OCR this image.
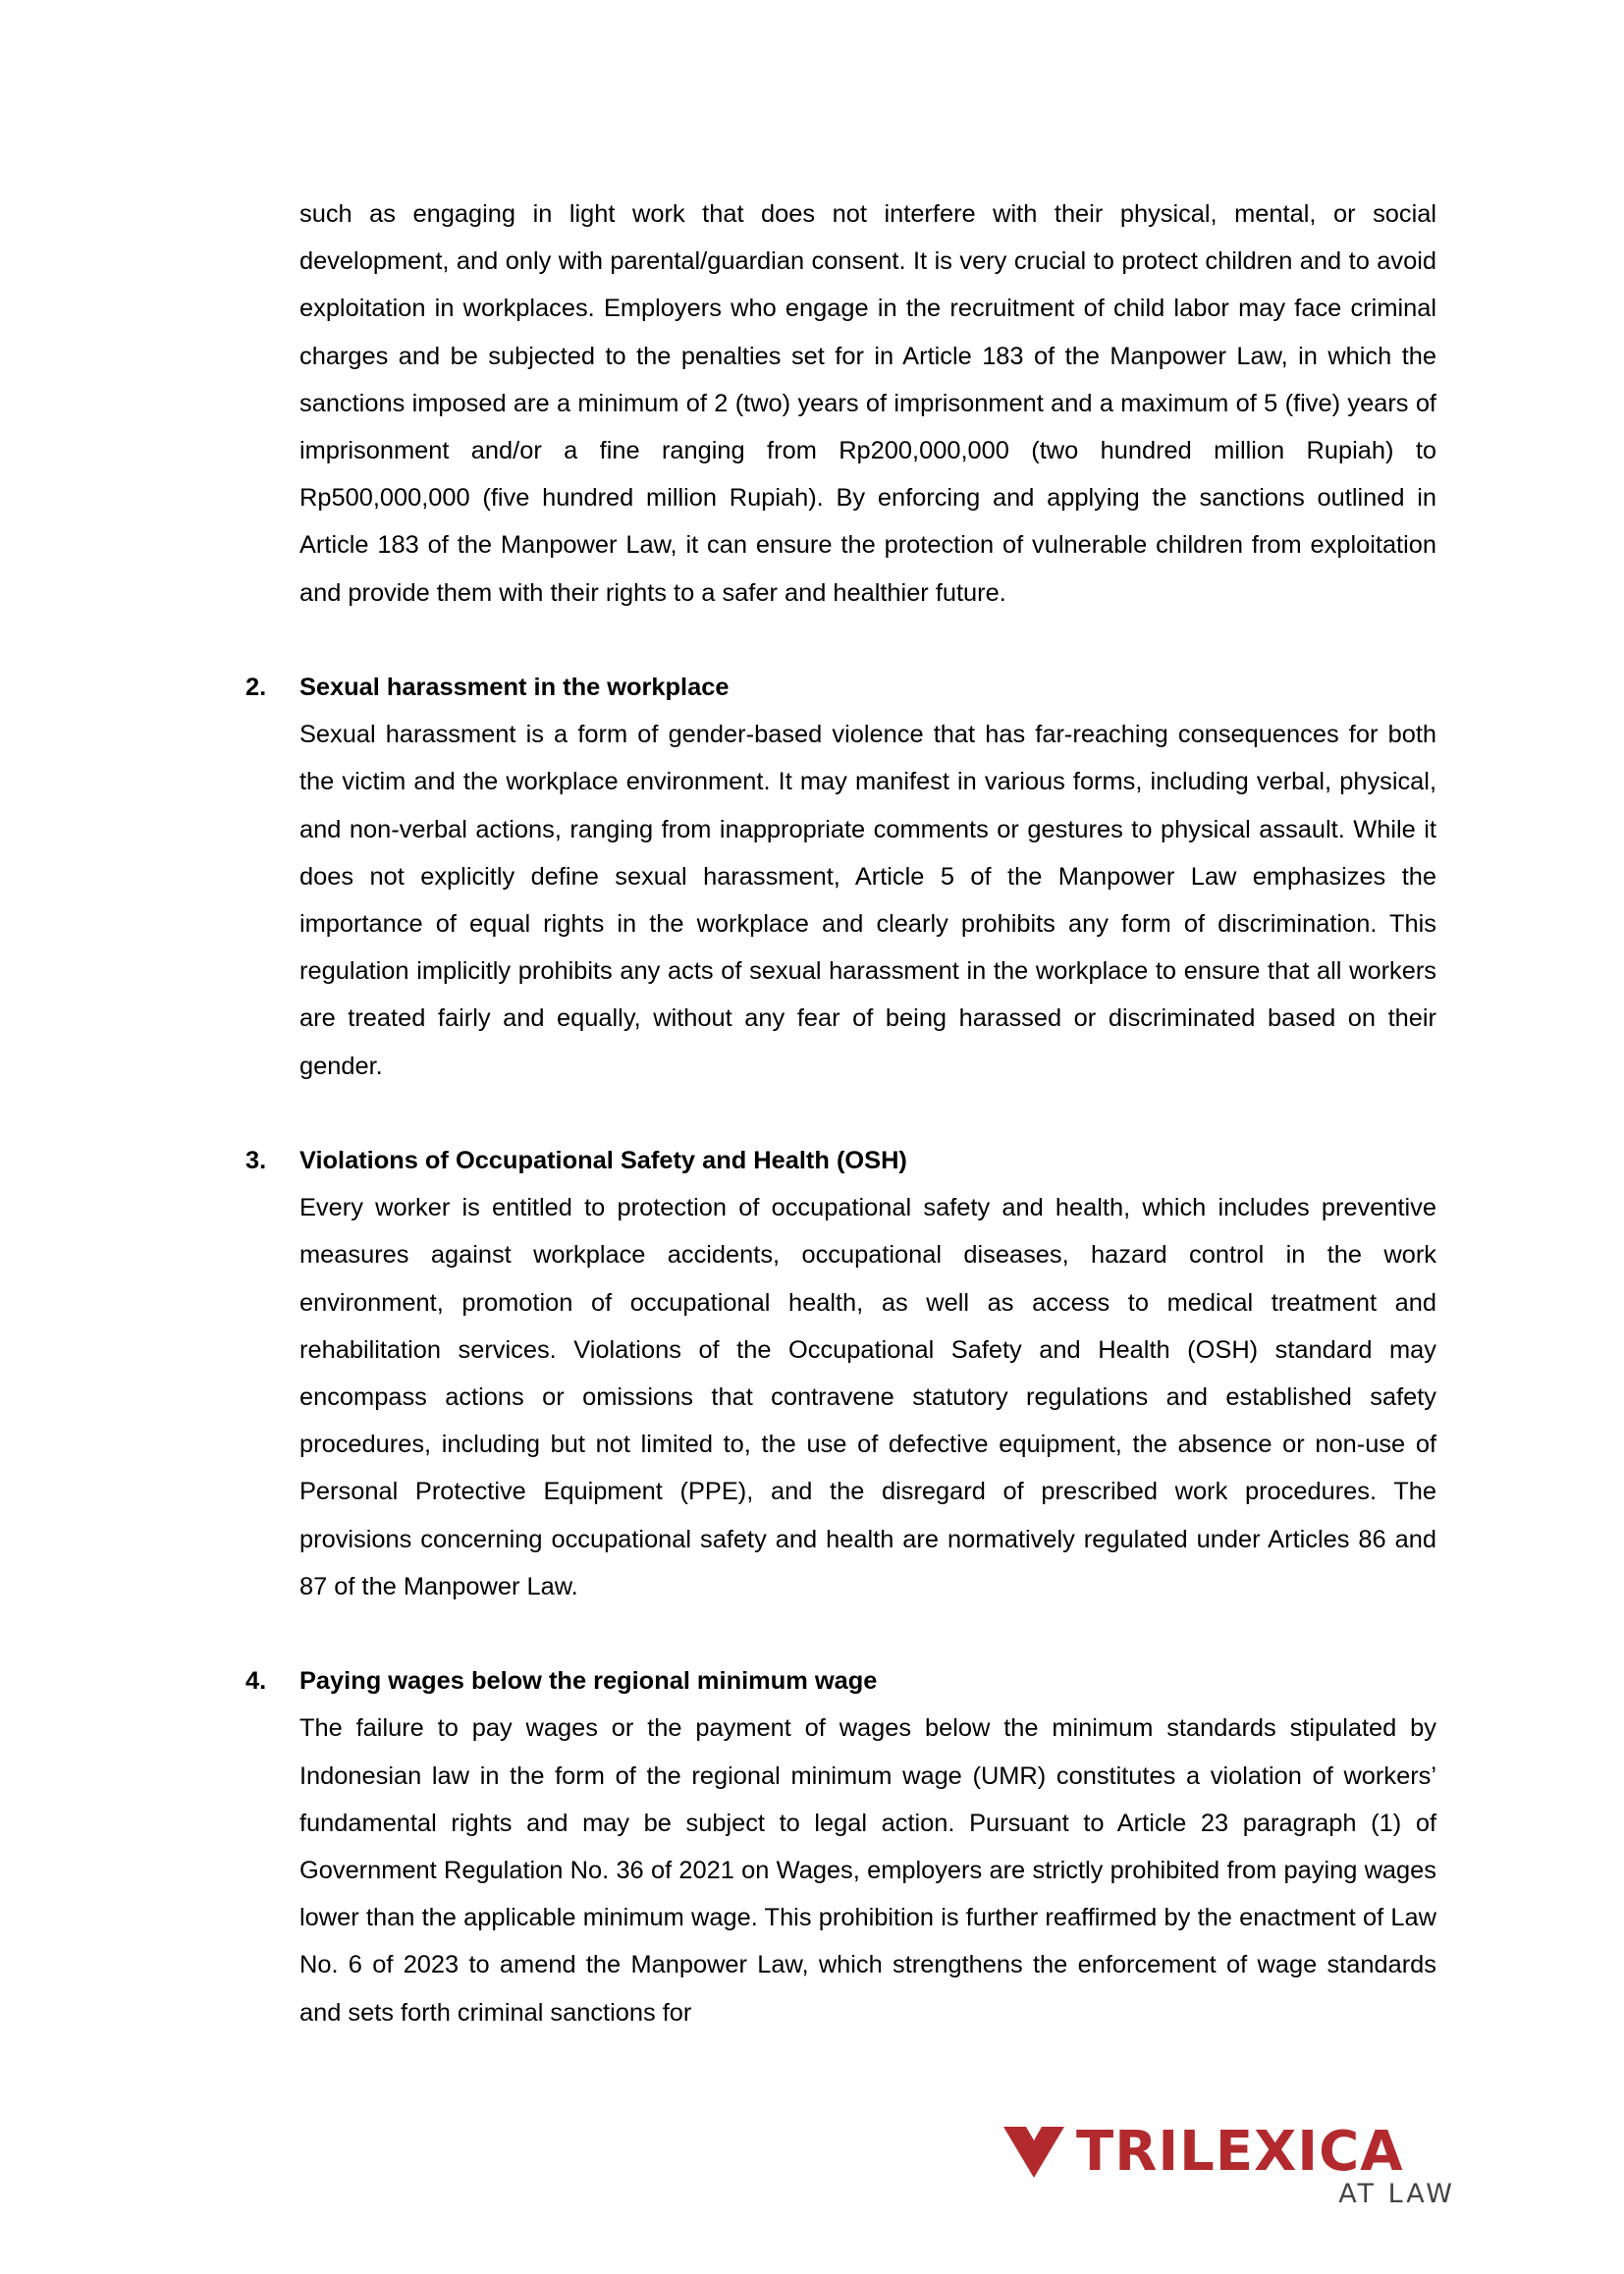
such as engaging in light work that does not interfere with their physical, mental, or social development, and only with parental/guardian consent. It is very crucial to protect children and to avoid exploitation in workplaces. Employers who engage in the recruitment of child labor may face criminal charges and be subjected to the penalties set for in Article 183 of the Manpower Law, in which the sanctions imposed are a minimum of 2 (two) years of imprisonment and a maximum of 5 (five) years of imprisonment and/or a fine ranging from Rp200,000,000 (two hundred million Rupiah) to Rp500,000,000 (five hundred million Rupiah). By enforcing and applying the sanctions outlined in Article 183 of the Manpower Law, it can ensure the protection of vulnerable children from exploitation and provide them with their rights to a safer and healthier future.

2. Sexual harassment in the workplace

Sexual harassment is a form of gender-based violence that has far-reaching consequences for both the victim and the workplace environment. It may manifest in various forms, including verbal, physical, and non-verbal actions, ranging from inappropriate comments or gestures to physical assault. While it does not explicitly define sexual harassment, Article 5 of the Manpower Law emphasizes the importance of equal rights in the workplace and clearly prohibits any form of discrimination. This regulation implicitly prohibits any acts of sexual harassment in the workplace to ensure that all workers are treated fairly and equally, without any fear of being harassed or discriminated based on their gender.

3. Violations of Occupational Safety and Health (OSH)

Every worker is entitled to protection of occupational safety and health, which includes preventive measures against workplace accidents, occupational diseases, hazard control in the work environment, promotion of occupational health, as well as access to medical treatment and rehabilitation services. Violations of the Occupational Safety and Health (OSH) standard may encompass actions or omissions that contravene statutory regulations and established safety procedures, including but not limited to, the use of defective equipment, the absence or non-use of Personal Protective Equipment (PPE), and the disregard of prescribed work procedures. The provisions concerning occupational safety and health are normatively regulated under Articles 86 and 87 of the Manpower Law.

4. Paying wages below the regional minimum wage

The failure to pay wages or the payment of wages below the minimum standards stipulated by Indonesian law in the form of the regional minimum wage (UMR) constitutes a violation of workers’ fundamental rights and may be subject to legal action. Pursuant to Article 23 paragraph (1) of Government Regulation No. 36 of 2021 on Wages, employers are strictly prohibited from paying wages lower than the applicable minimum wage. This prohibition is further reaffirmed by the enactment of Law No. 6 of 2023 to amend the Manpower Law, which strengthens the enforcement of wage standards and sets forth criminal sanctions for

TRILEXICA
AT LAW
